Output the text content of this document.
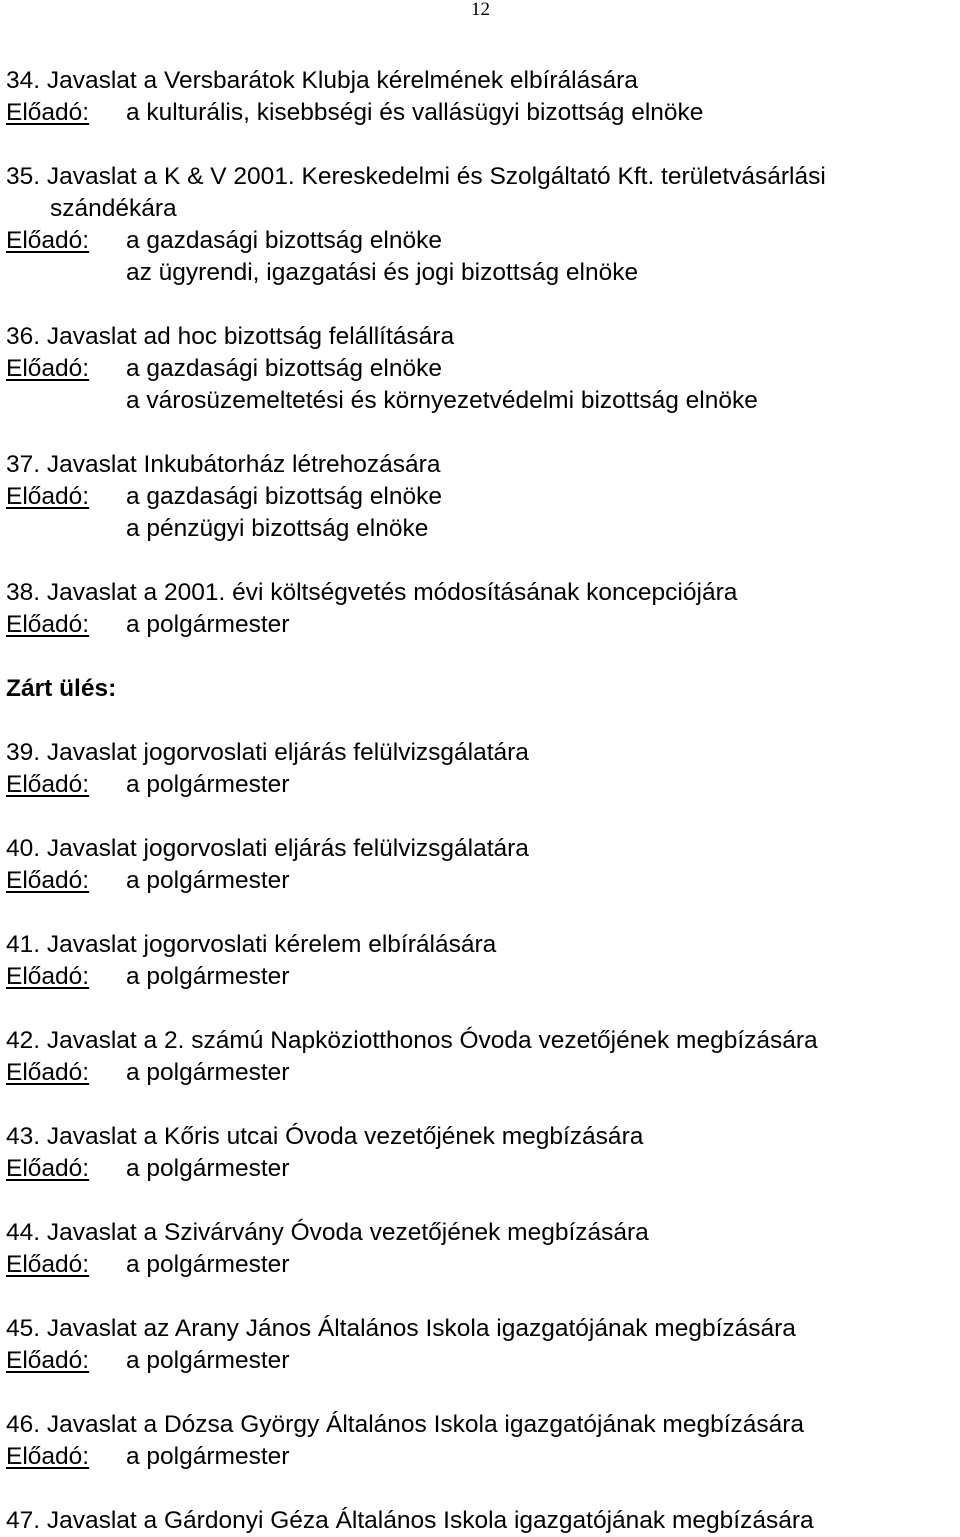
12
34. Javaslat a Versbarátok Klubja kérelmének elbírálására
Előadó:	a kulturális, kisebbségi és vallásügyi bizottság elnöke
35. Javaslat a K & V 2001. Kereskedelmi és Szolgáltató Kft. területvásárlási
szándékára
Előadó:	a gazdasági bizottság elnöke
az ügyrendi, igazgatási és jogi bizottság elnöke
36. Javaslat ad hoc bizottság felállítására
Előadó:	a gazdasági bizottság elnöke
a városüzemeltetési és környezetvédelmi bizottság elnöke
37. Javaslat Inkubátorház létrehozására
Előadó:	a gazdasági bizottság elnöke
a pénzügyi bizottság elnöke
38. Javaslat a 2001. évi költségvetés módosításának koncepciójára
Előadó:	a polgármester
Zárt ülés:
39. Javaslat jogorvoslati eljárás felülvizsgálatára
Előadó:	a polgármester
40. Javaslat jogorvoslati eljárás felülvizsgálatára
Előadó:	a polgármester
41. Javaslat jogorvoslati kérelem elbírálására
Előadó:	a polgármester
42. Javaslat a 2. számú Napköziotthonos Óvoda vezetőjének megbízására
Előadó:	a polgármester
43. Javaslat a Kőris utcai Óvoda vezetőjének megbízására
Előadó:	a polgármester
44. Javaslat a Szivárvány Óvoda vezetőjének megbízására
Előadó:	a polgármester
45. Javaslat az Arany János Általános Iskola igazgatójának megbízására
Előadó:	a polgármester
46. Javaslat a Dózsa György Általános Iskola igazgatójának megbízására
Előadó:	a polgármester
47. Javaslat a Gárdonyi Géza Általános Iskola igazgatójának megbízására
